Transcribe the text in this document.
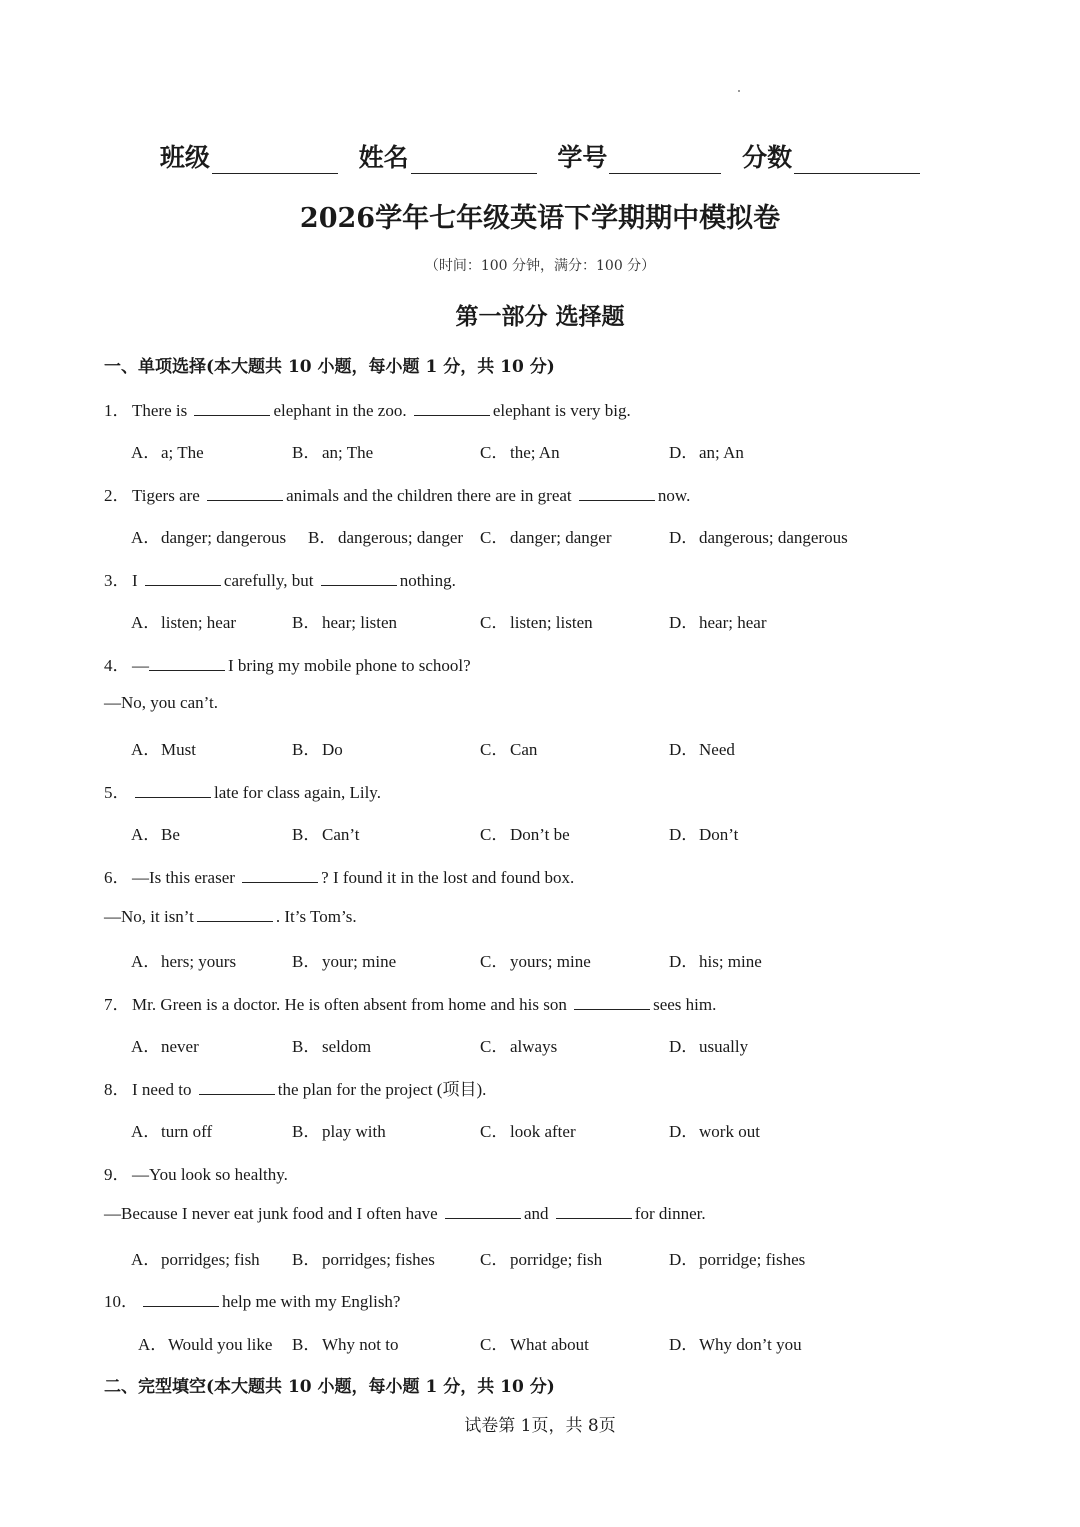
班级	姓名	学号	分数
2026学年七年级英语下学期期中模拟卷
（时间：100 分钟，满分：100 分）
第一部分 选择题
一、单项选择(本大题共 10 小题，每小题 1 分，共 10 分)
1． There is	elephant in the zoo.	elephant is very big.
A．a; The	B．an; The	C．the; An	D．an; An
2． Tigers are	animals and the children there are in great	now.
A．danger; dangerous B．dangerous; danger C．danger; danger	D．dangerous; dangerous
3． I	carefully, but	nothing.
A．listen; hear	B．hear; listen	C．listen; listen	D．hear; hear
4． —	I bring my mobile phone to school?
—No, you can’t.
A．Must	B．Do	C．Can	D．Need
5．	late for class again, Lily.
A．Be	B．Can’t	C．Don’t be	D．Don’t
6． —Is this eraser	? I found it in the lost and found box.
—No, it isn’t	. It’s Tom’s.
A．hers; yours	B．your; mine	C．yours; mine	D．his; mine
7． Mr. Green is a doctor. He is often absent from home and his son	sees him.
A．never	B．seldom	C．always	D．usually
8． I need to	the plan for the project (项目).
A．turn off	B．play with	C．look after	D．work out
9． —You look so healthy.
—Because I never eat junk food and I often have	and	for dinner.
A．porridges; fish B．porridges; fishes	C．porridge; fish	D．porridge; fishes
10．	help me with my English?
A．Would you like B．Why not to	C．What about	D．Why don’t you
二、完型填空(本大题共 10 小题，每小题 1 分，共 10 分)
试卷第 1页，共 8页
